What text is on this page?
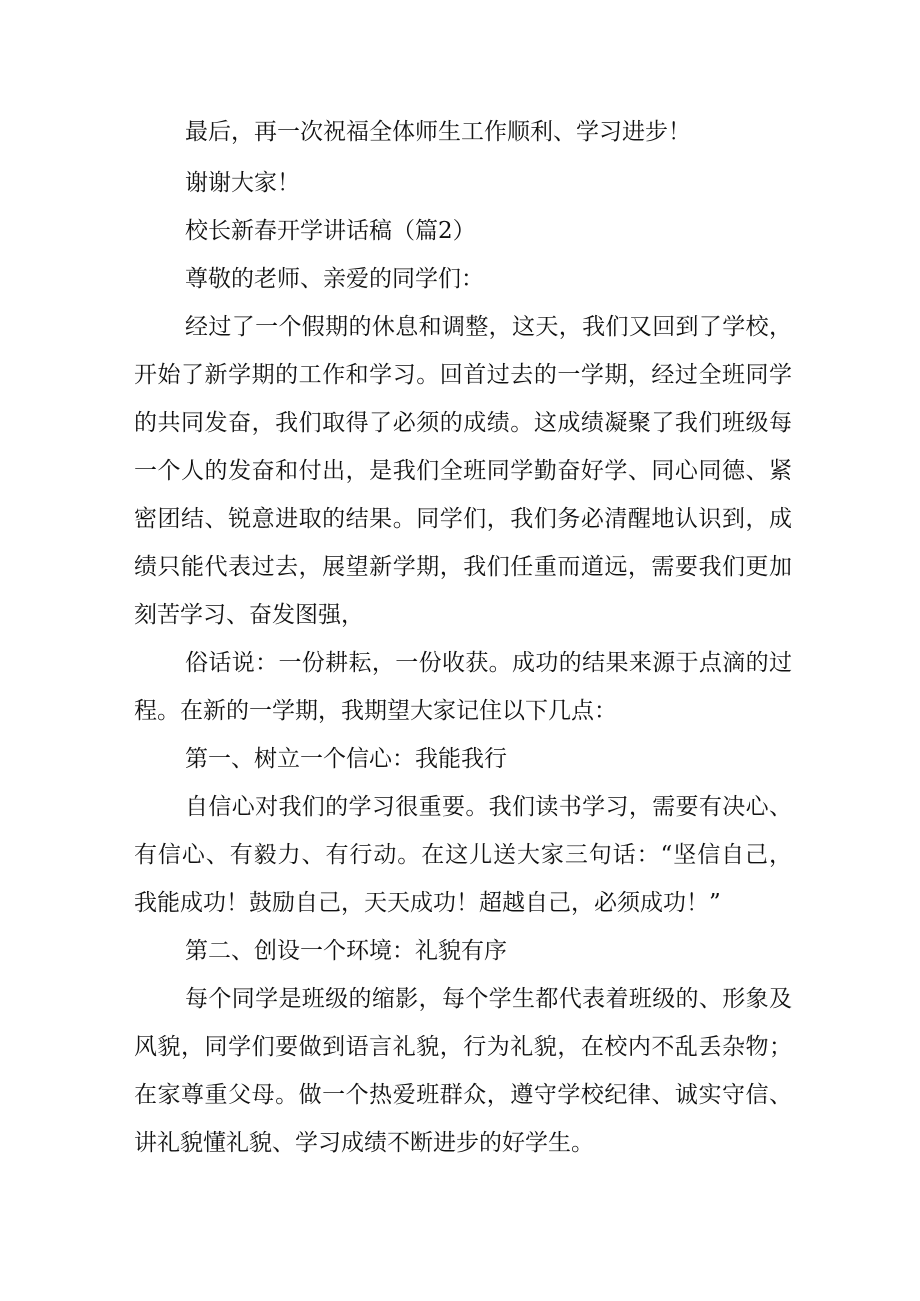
最后，再一次祝福全体师生工作顺利、学习进步！
谢谢大家！
校长新春开学讲话稿（篇2）
尊敬的老师、亲爱的同学们：
经过了一个假期的休息和调整，这天，我们又回到了学校，
开始了新学期的工作和学习。回首过去的一学期，经过全班同学
的共同发奋，我们取得了必须的成绩。这成绩凝聚了我们班级每
一个人的发奋和付出，是我们全班同学勤奋好学、同心同德、紧
密团结、锐意进取的结果。同学们，我们务必清醒地认识到，成
绩只能代表过去，展望新学期，我们任重而道远，需要我们更加
刻苦学习、奋发图强，
俗话说：一份耕耘，一份收获。成功的结果来源于点滴的过
程。在新的一学期，我期望大家记住以下几点：
第一、树立一个信心：我能我行
自信心对我们的学习很重要。我们读书学习，需要有决心、
有信心、有毅力、有行动。在这儿送大家三句话：“坚信自己，
我能成功！鼓励自己，天天成功！超越自己，必须成功！”
第二、创设一个环境：礼貌有序
每个同学是班级的缩影，每个学生都代表着班级的、形象及
风貌，同学们要做到语言礼貌，行为礼貌，在校内不乱丢杂物；
在家尊重父母。做一个热爱班群众，遵守学校纪律、诚实守信、
讲礼貌懂礼貌、学习成绩不断进步的好学生。
